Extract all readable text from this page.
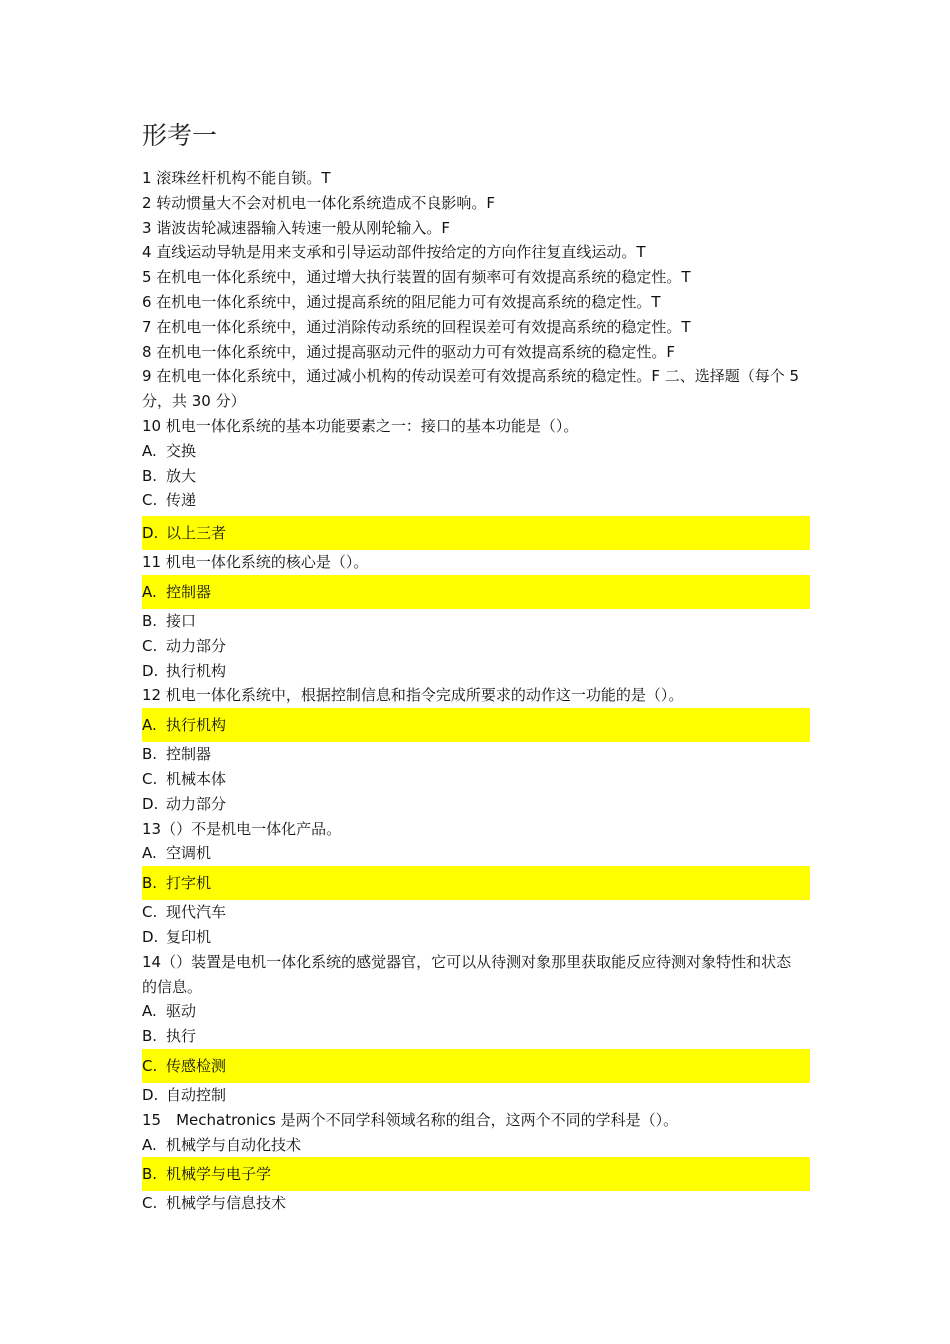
形考一
1 滚珠丝杆机构不能自锁。T
2 转动惯量大不会对机电一体化系统造成不良影响。F
3 谐波齿轮减速器输入转速一般从刚轮输入。F
4 直线运动导轨是用来支承和引导运动部件按给定的方向作往复直线运动。T
5 在机电一体化系统中，通过增大执行装置的固有频率可有效提高系统的稳定性。T
6 在机电一体化系统中，通过提高系统的阻尼能力可有效提高系统的稳定性。T
7 在机电一体化系统中，通过消除传动系统的回程误差可有效提高系统的稳定性。T
8 在机电一体化系统中，通过提高驱动元件的驱动力可有效提高系统的稳定性。F
9 在机电一体化系统中，通过减小机构的传动误差可有效提高系统的稳定性。F 二、选择题（每个 5 分，共 30 分）
10 机电一体化系统的基本功能要素之一：接口的基本功能是（）。
A. 交换
B. 放大
C. 传递
D. 以上三者
11 机电一体化系统的核心是（）。
A. 控制器
B. 接口
C. 动力部分
D. 执行机构
12 机电一体化系统中，根据控制信息和指令完成所要求的动作这一功能的是（）。
A. 执行机构
B. 控制器
C. 机械本体
D. 动力部分
13（）不是机电一体化产品。
A. 空调机
B. 打字机
C. 现代汽车
D. 复印机
14（）装置是电机一体化系统的感觉器官，它可以从待测对象那里获取能反应待测对象特性和状态的信息。
A. 驱动
B. 执行
C. 传感检测
D. 自动控制
15　Mechatronics 是两个不同学科领域名称的组合，这两个不同的学科是（）。
A. 机械学与自动化技术
B. 机械学与电子学
C. 机械学与信息技术
